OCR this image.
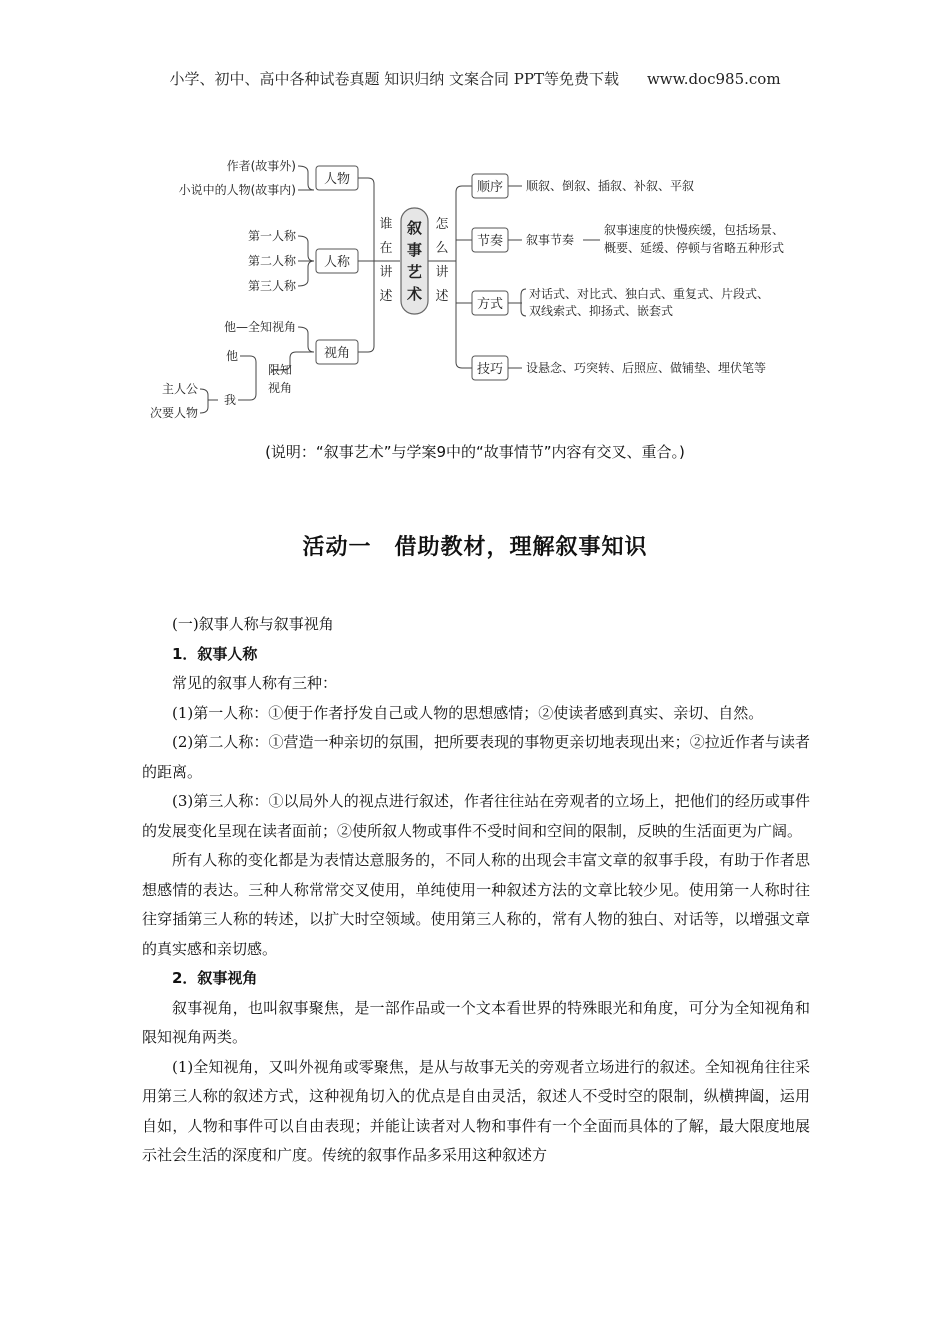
小学、初中、高中各种试卷真题 知识归纳 文案合同 PPT等免费下载 www.doc985.com
叙
事
艺
术
谁
在
讲
述
怎
么
讲
述
人物
人称
视角
顺序
节奏
方式
技巧
作者(故事外)
小说中的人物(故事内)
第一人称
第二人称
第三人称
他—全知视角
他
我
主人公
次要人物
限知
视角
顺叙、倒叙、插叙、补叙、平叙
叙事节奏
叙事速度的快慢疾缓，包括场景、
概要、延缓、停顿与省略五种形式
对话式、对比式、独白式、重复式、片段式、
双线索式、抑扬式、嵌套式
设悬念、巧突转、后照应、做铺垫、埋伏笔等
(说明：“叙事艺术”与学案9中的“故事情节”内容有交叉、重合。)
活动一　借助教材，理解叙事知识

(一)叙事人称与叙事视角

1．叙事人称

常见的叙事人称有三种：

(1)第一人称：①便于作者抒发自己或人物的思想感情；②使读者感到真实、亲切、自然。

(2)第二人称：①营造一种亲切的氛围，把所要表现的事物更亲切地表现出来；②拉近作者与读者的距离。

(3)第三人称：①以局外人的视点进行叙述，作者往往站在旁观者的立场上，把他们的经历或事件的发展变化呈现在读者面前；②使所叙人物或事件不受时间和空间的限制，反映的生活面更为广阔。

所有人称的变化都是为表情达意服务的，不同人称的出现会丰富文章的叙事手段，有助于作者思想感情的表达。三种人称常常交叉使用，单纯使用一种叙述方法的文章比较少见。使用第一人称时往往穿插第三人称的转述，以扩大时空领域。使用第三人称的，常有人物的独白、对话等，以增强文章的真实感和亲切感。

2．叙事视角

叙事视角，也叫叙事聚焦，是一部作品或一个文本看世界的特殊眼光和角度，可分为全知视角和限知视角两类。

(1)全知视角，又叫外视角或零聚焦，是从与故事无关的旁观者立场进行的叙述。全知视角往往采用第三人称的叙述方式，这种视角切入的优点是自由灵活，叙述人不受时空的限制，纵横捭阖，运用自如，人物和事件可以自由表现；并能让读者对人物和事件有一个全面而具体的了解，最大限度地展示社会生活的深度和广度。传统的叙事作品多采用这种叙述方
